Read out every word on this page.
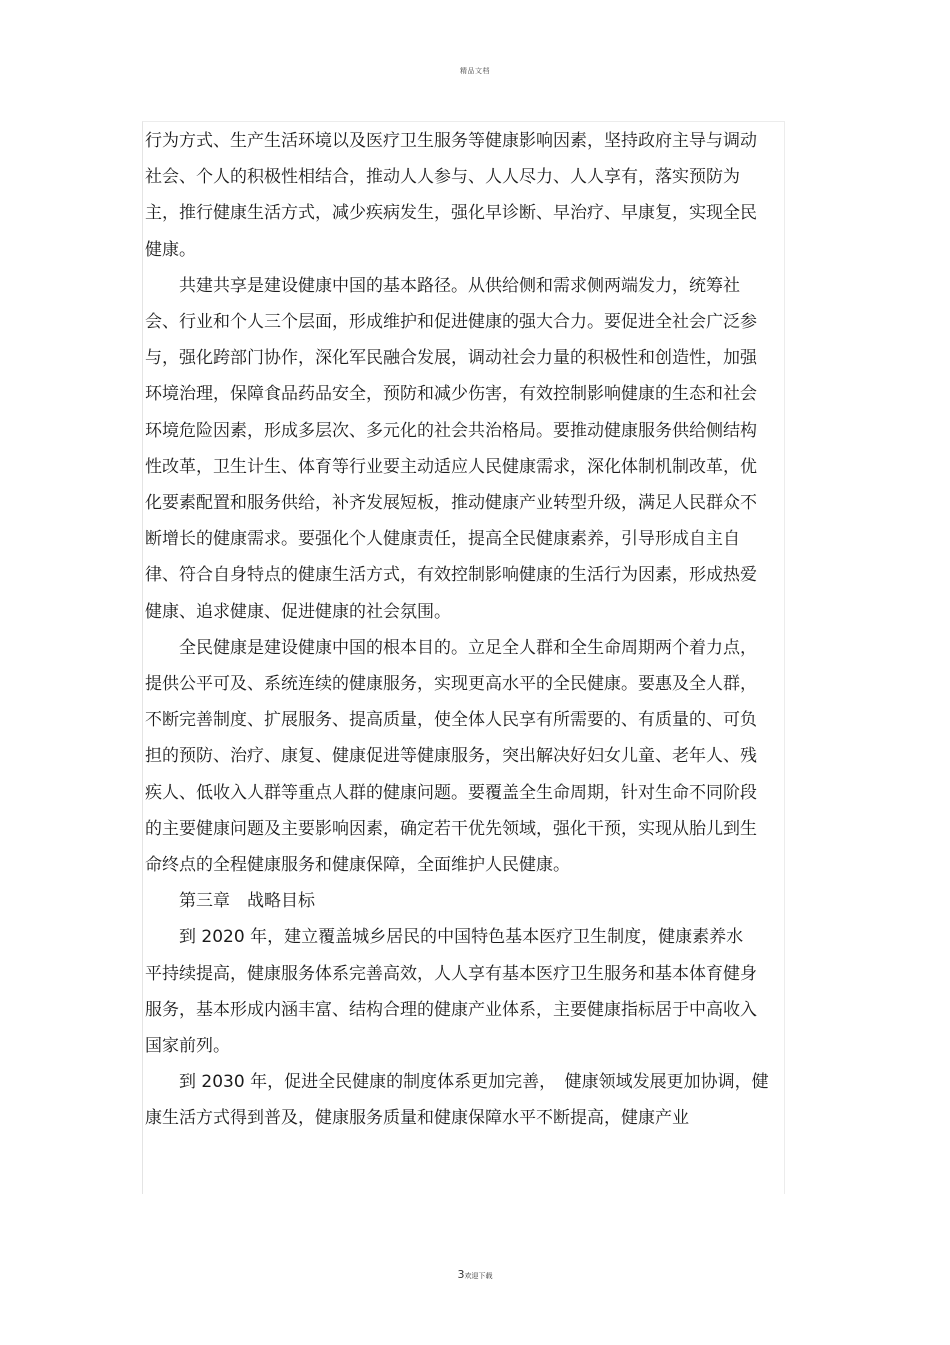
精品文档

行为方式、生产生活环境以及医疗卫生服务等健康影响因素，坚持政府主导与调动社会、个人的积极性相结合，推动人人参与、人人尽力、人人享有，落实预防为主，推行健康生活方式，减少疾病发生，强化早诊断、早治疗、早康复，实现全民健康。

共建共享是建设健康中国的基本路径。从供给侧和需求侧两端发力，统筹社会、行业和个人三个层面，形成维护和促进健康的强大合力。要促进全社会广泛参与，强化跨部门协作，深化军民融合发展，调动社会力量的积极性和创造性，加强环境治理，保障食品药品安全，预防和减少伤害，有效控制影响健康的生态和社会环境危险因素，形成多层次、多元化的社会共治格局。要推动健康服务供给侧结构性改革，卫生计生、体育等行业要主动适应人民健康需求，深化体制机制改革，优化要素配置和服务供给，补齐发展短板，推动健康产业转型升级，满足人民群众不断增长的健康需求。要强化个人健康责任，提高全民健康素养，引导形成自主自律、符合自身特点的健康生活方式，有效控制影响健康的生活行为因素，形成热爱健康、追求健康、促进健康的社会氛围。

全民健康是建设健康中国的根本目的。立足全人群和全生命周期两个着力点，提供公平可及、系统连续的健康服务，实现更高水平的全民健康。要惠及全人群，不断完善制度、扩展服务、提高质量，使全体人民享有所需要的、有质量的、可负担的预防、治疗、康复、健康促进等健康服务，突出解决好妇女儿童、老年人、残疾人、低收入人群等重点人群的健康问题。要覆盖全生命周期，针对生命不同阶段的主要健康问题及主要影响因素，确定若干优先领域，强化干预，实现从胎儿到生命终点的全程健康服务和健康保障，全面维护人民健康。

第三章　战略目标

到 2020 年，建立覆盖城乡居民的中国特色基本医疗卫生制度，健康素养水平持续提高，健康服务体系完善高效，人人享有基本医疗卫生服务和基本体育健身服务，基本形成内涵丰富、结构合理的健康产业体系，主要健康指标居于中高收入国家前列。

到 2030 年，促进全民健康的制度体系更加完善，　健康领域发展更加协调，健康生活方式得到普及，健康服务质量和健康保障水平不断提高，健康产业

3欢迎下载
